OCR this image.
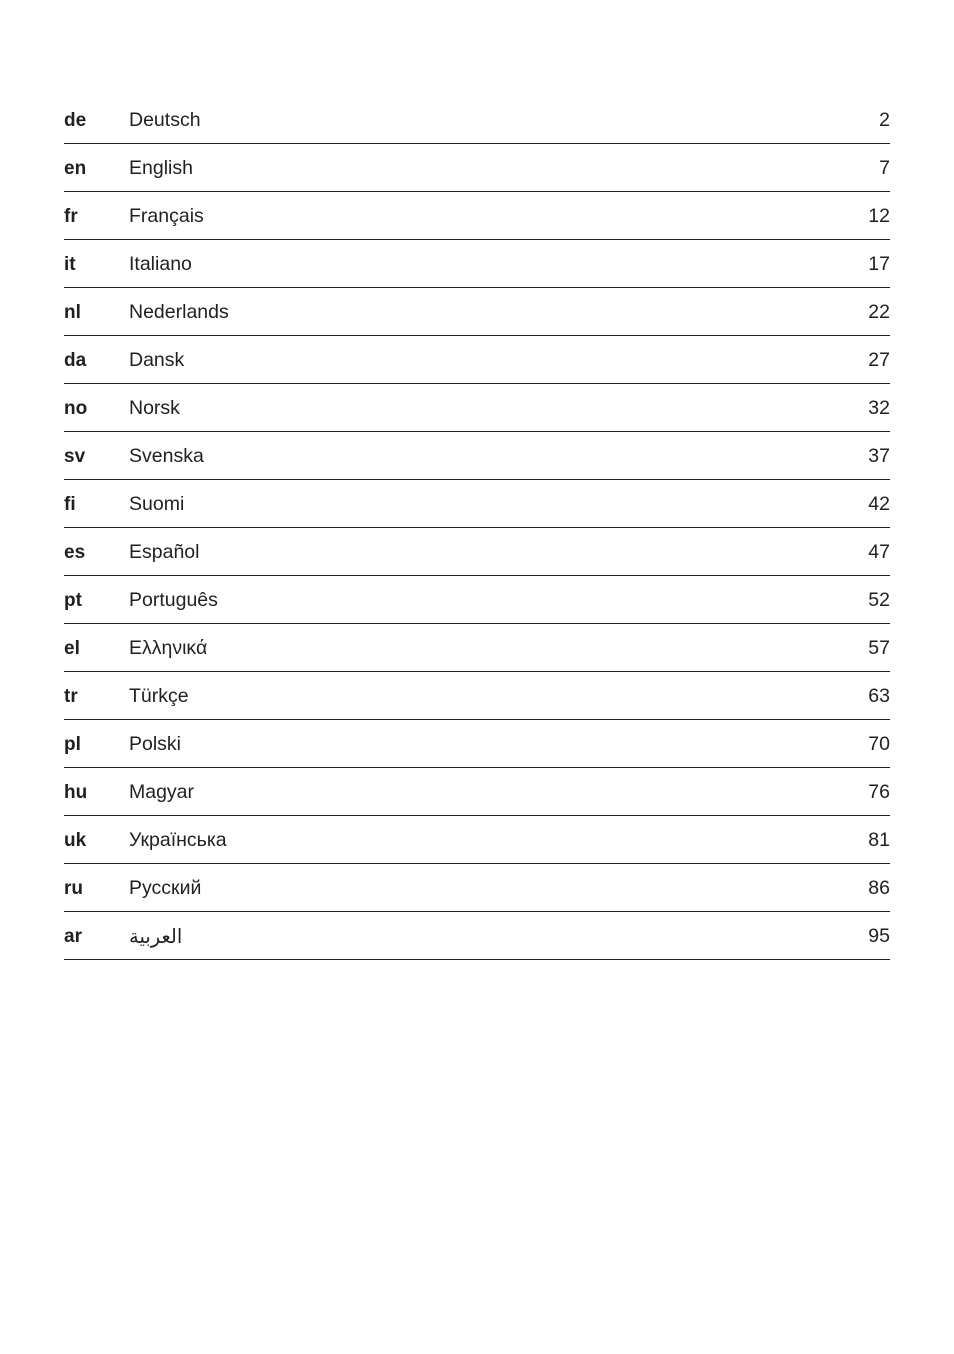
de	Deutsch	2
en	English	7
fr	Français	12
it	Italiano	17
nl	Nederlands	22
da	Dansk	27
no	Norsk	32
sv	Svenska	37
fi	Suomi	42
es	Español	47
pt	Português	52
el	Ελληνικά	57
tr	Türkçe	63
pl	Polski	70
hu	Magyar	76
uk	Українська	81
ru	Русский	86
ar	العربية	95
